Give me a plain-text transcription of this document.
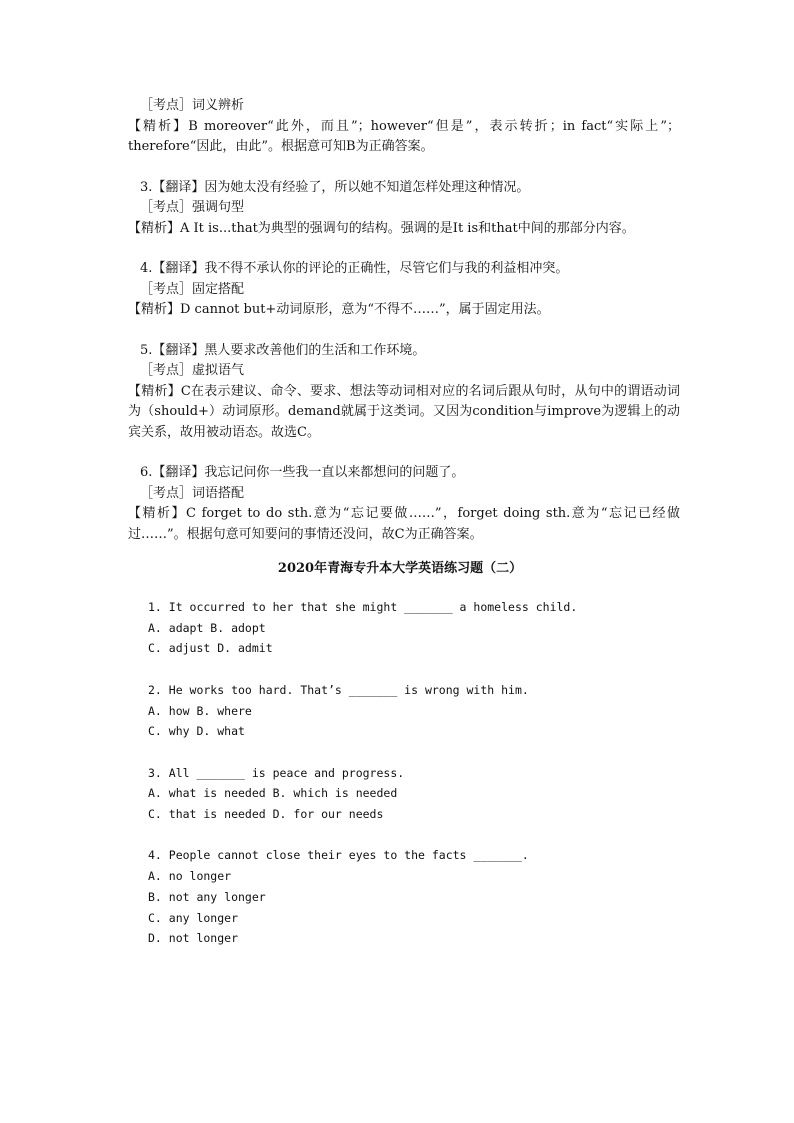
［考点］词义辨析
【精析】B moreover“此外，而且”；however“但是”，表示转折；in fact“实际上”；therefore“因此，由此”。根据意可知B为正确答案。
3.【翻译】因为她太没有经验了，所以她不知道怎样处理这种情况。
［考点］强调句型
【精析】A It is...that为典型的强调句的结构。强调的是It is和that中间的那部分内容。
4.【翻译】我不得不承认你的评论的正确性，尽管它们与我的利益相冲突。
［考点］固定搭配
【精析】D cannot but+动词原形，意为“不得不……”，属于固定用法。
5.【翻译】黑人要求改善他们的生活和工作环境。
［考点］虚拟语气
【精析】C在表示建议、命令、要求、想法等动词相对应的名词后跟从句时，从句中的谓语动词为（should+）动词原形。demand就属于这类词。又因为condition与improve为逻辑上的动宾关系，故用被动语态。故选C。
6.【翻译】我忘记问你一些我一直以来都想问的问题了。
［考点］词语搭配
【精析】C forget to do sth.意为“忘记要做……”，forget doing sth.意为“忘记已经做过……”。根据句意可知要问的事情还没问，故C为正确答案。
2020年青海专升本大学英语练习题（二）
1. It occurred to her that she might _______ a homeless child.
A. adapt B. adopt
C. adjust D. admit
2. He works too hard. That’s _______ is wrong with him.
A. how B. where
C. why D. what
3. All _______ is peace and progress.
A. what is needed B. which is needed
C. that is needed D. for our needs
4. People cannot close their eyes to the facts _______.
A. no longer
B. not any longer
C. any longer
D. not longer
